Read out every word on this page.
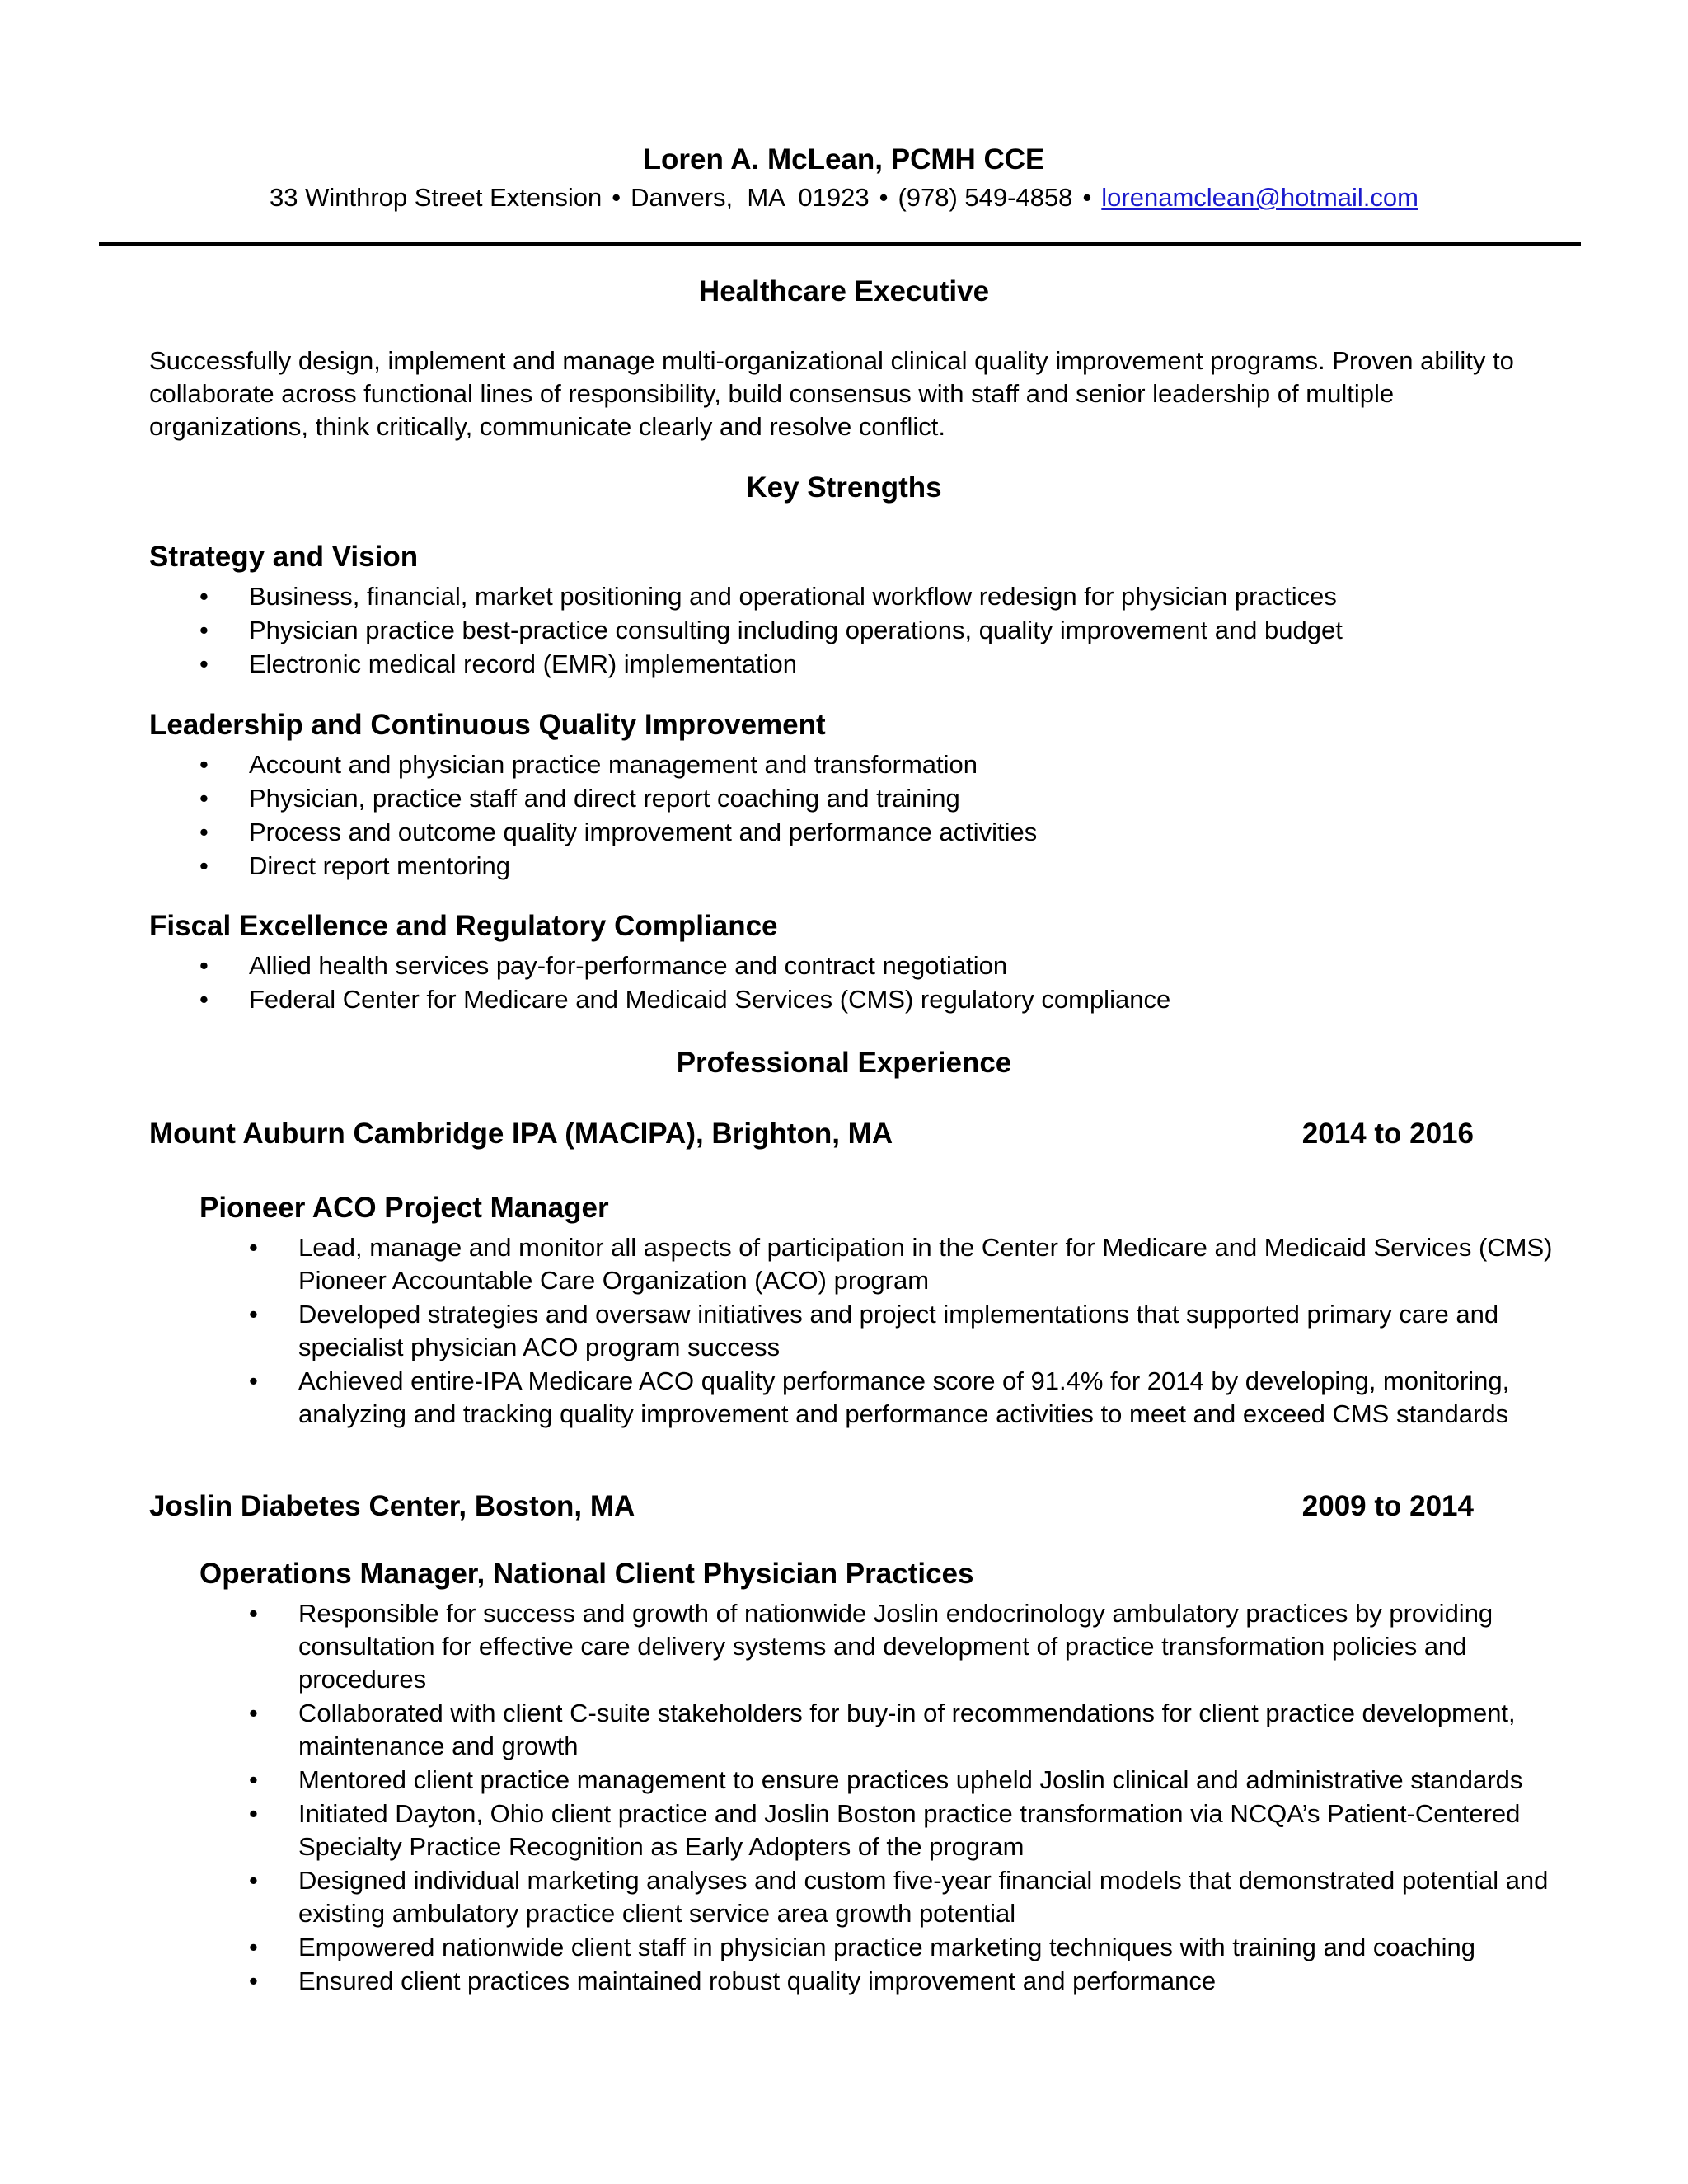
Loren A. McLean, PCMH CCE
33 Winthrop Street Extension • Danvers,  MA  01923 • (978) 549-4858 • lorenamclean@hotmail.com
Healthcare Executive

Successfully design, implement and manage multi-organizational clinical quality improvement programs. Proven ability to collaborate across functional lines of responsibility, build consensus with staff and senior leadership of multiple organizations, think critically, communicate clearly and resolve conflict.

Key Strengths
Strategy and Vision
• Business, financial, market positioning and operational workflow redesign for physician practices
• Physician practice best-practice consulting including operations, quality improvement and budget
• Electronic medical record (EMR) implementation
Leadership and Continuous Quality Improvement
• Account and physician practice management and transformation
• Physician, practice staff and direct report coaching and training
• Process and outcome quality improvement and performance activities
• Direct report mentoring
Fiscal Excellence and Regulatory Compliance
• Allied health services pay-for-performance and contract negotiation
• Federal Center for Medicare and Medicaid Services (CMS) regulatory compliance
Professional Experience
Mount Auburn Cambridge IPA (MACIPA), Brighton, MA	2014 to 2016
Pioneer ACO Project Manager
• Lead, manage and monitor all aspects of participation in the Center for Medicare and Medicaid Services (CMS) Pioneer Accountable Care Organization (ACO) program
• Developed strategies and oversaw initiatives and project implementations that supported primary care and specialist physician ACO program success
• Achieved entire-IPA Medicare ACO quality performance score of 91.4% for 2014 by developing, monitoring, analyzing and tracking quality improvement and performance activities to meet and exceed CMS standards
Joslin Diabetes Center, Boston, MA	2009 to 2014
Operations Manager, National Client Physician Practices
• Responsible for success and growth of nationwide Joslin endocrinology ambulatory practices by providing consultation for effective care delivery systems and development of practice transformation policies and procedures
• Collaborated with client C-suite stakeholders for buy-in of recommendations for client practice development, maintenance and growth
• Mentored client practice management to ensure practices upheld Joslin clinical and administrative standards
• Initiated Dayton, Ohio client practice and Joslin Boston practice transformation via NCQA’s Patient-Centered Specialty Practice Recognition as Early Adopters of the program
• Designed individual marketing analyses and custom five-year financial models that demonstrated potential and existing ambulatory practice client service area growth potential
• Empowered nationwide client staff in physician practice marketing techniques with training and coaching
• Ensured client practices maintained robust quality improvement and performance
